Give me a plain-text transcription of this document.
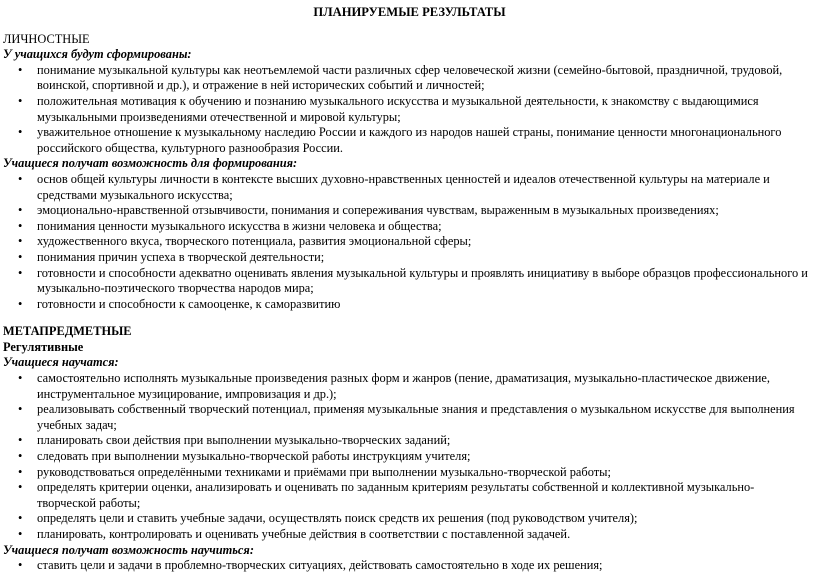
ПЛАНИРУЕМЫЕ РЕЗУЛЬТАТЫ
ЛИЧНОСТНЫЕ
У учащихся будут сформированы:
• понимание музыкальной культуры как неотъемлемой части различных сфер человеческой жизни (семейно-бытовой, праздничной, трудовой, воинской, спортивной и др.), и отражение в ней исторических событий и личностей;
• положительная мотивация к обучению и познанию музыкального искусства и музыкальной деятельности, к знакомству с выдающимися музыкальными произведениями отечественной и мировой культуры;
• уважительное отношение к музыкальному наследию России и каждого из народов нашей страны, понимание ценности многонационального российского общества, культурного разнообразия России.
Учащиеся получат возможность для формирования:
• основ общей культуры личности в контексте высших духовно-нравственных ценностей и идеалов отечественной культуры на материале и средствами музыкального искусства;
• эмоционально-нравственной отзывчивости, понимания и сопереживания чувствам, выраженным в музыкальных произведениях;
• понимания ценности музыкального искусства в жизни человека и общества;
• художественного вкуса, творческого потенциала, развития эмоциональной сферы;
• понимания причин успеха в творческой деятельности;
• готовности и способности адекватно оценивать явления музыкальной культуры и проявлять инициативу в выборе образцов профессионального и музыкально-поэтического творчества народов мира;
• готовности и способности к самооценке, к саморазвитию
МЕТАПРЕДМЕТНЫЕ
Регулятивные
Учащиеся научатся:
• самостоятельно исполнять музыкальные произведения разных форм и жанров (пение, драматизация, музыкально-пластическое движение, инструментальное музицирование, импровизация и др.);
• реализовывать собственный творческий потенциал, применяя музыкальные знания и представления о музыкальном искусстве для выполнения учебных задач;
• планировать свои действия при выполнении музыкально-творческих заданий;
• следовать при выполнении музыкально-творческой работы инструкциям учителя;
• руководствоваться определёнными техниками и приёмами при выполнении музыкально-творческой работы;
• определять критерии оценки, анализировать и оценивать по заданным критериям результаты собственной и коллективной музыкально-творческой работы;
• определять цели и ставить учебные задачи, осуществлять поиск средств их решения (под руководством учителя);
• планировать, контролировать и оценивать учебные действия в соответствии с поставленной задачей.
Учащиеся получат возможность научиться:
• ставить цели и задачи в проблемно-творческих ситуациях, действовать самостоятельно в ходе их решения;
